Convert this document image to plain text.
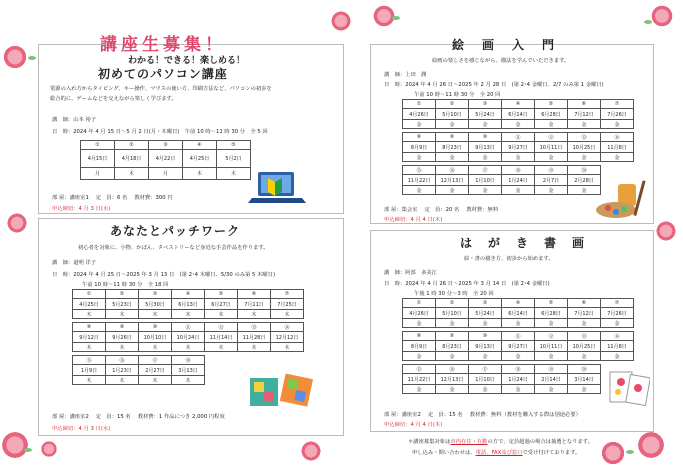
講座生募集！
わかる！できる！楽しめる！
初めてのパソコン講座
電源の入れ方からタイピング、キー操作、マウスの使い方、印刷方法など、パソコンの初歩を
総合的に、ゲームなどを交えながら楽しく学びます。
講　師：山本 裕子
日　時：2024 年 4 月 15 日～5 月 2 日(月・木曜日)　午前 10 時～11 時 30 分　全 5 回
①	②	③	④	⑤
4月15日	4月18日	4月22日	4月25日	5月2日
月	木	月	木	木
部 屋：講座室1　 定　員：6 名　 教材費：300 円
申込締切：4 月 3 日(水)
あなたとパッチワーク
初心者を対象に、小物、かばん、タペストリーなど身近な手芸作品を作ります。
講　師：道明 洋子
日　時：2024 年 4 月 25 日～2025 年 3 月 13 日　(第 2･4 木曜日、5/30 のみ第 5 木曜日)
午前 10 時～11 時 30 分　全 18 回
①	②	③	④	⑤	⑥	⑦
4月25日	5月23日	5月30日	6月13日	6月27日	7月11日	7月25日
木	木	木	木	木	木	木

⑧	⑨	⑩	⑪	⑫	⑬	⑭
9月12日	9月26日	10月10日	10月24日	11月14日	11月28日	12月12日
木	木	木	木	木	木	木

⑮	⑯	⑰	⑱			
1月9日	1月23日	2月27日	3月13日			
木	木	木	木			
部 屋：講座室2　 定　員：15 名　 教材費：1 作品につき 2,000 円程度
申込締切：4 月 3 日(水)
絵　画　入　門
絵画の楽しさを感じながら、描法を学んでいただきます。
講　師：上田　潤
日　時：2024 年 4 月 26 日～2025 年 2 月 28 日　(第 2･4 金曜日、2/7 のみ第 1 金曜日)
午前 10 時～11 時 30 分　全 20 回
①	②	③	④	⑤	⑥	⑦
4月26日	5月10日	5月24日	6月14日	6月28日	7月12日	7月26日
金	金	金	金	金	金	金

⑧	⑨	⑩	⑪	⑫	⑬	⑭
8月9日	8月23日	9月13日	9月27日	10月11日	10月25日	11月8日
金	金	金	金	金	金	金

⑮	⑯	⑰	⑱	⑲	⑳	
11月22日	12月13日	1月10日	1月24日	2月7日	2月28日	
金	金	金	金	金	金	
部 屋：集会室　 定　員：20 名　 教材費：無料
申込締切：4 月 4 日(木)
は　が　き　書　画
絵・書の描き方、初歩から始めます。
講　師：阿部　多美江
日　時：2024 年 4 月 26 日～2025 年 3 月 14 日　(第 2･4 金曜日)
午後 1 時 30 分～3 時　全 20 回
①	②	③	④	⑤	⑥	⑦
4月26日	5月10日	5月24日	6月14日	6月28日	7月12日	7月26日
金	金	金	金	金	金	金

⑧	⑨	⑩	⑪	⑫	⑬	⑭
8月9日	8月23日	9月13日	9月27日	10月11日	10月25日	11月8日
金	金	金	金	金	金	金

⑮	⑯	⑰	⑱	⑲	⑳	
11月22日	12月13日	1月10日	1月24日	2月14日	3月14日	
金	金	金	金	金	金	
部 屋：講座室2　 定　員：15 名　 教材費：無料（教材を購入する際は別途必要）
申込締切：4 月 4 日(木)
＊講座募集対象は市内在住・在勤の方で、定員超過の場合は抽選となります。
申し込み・問い合わせは、電話、FAX及び窓口で受け付けております。
